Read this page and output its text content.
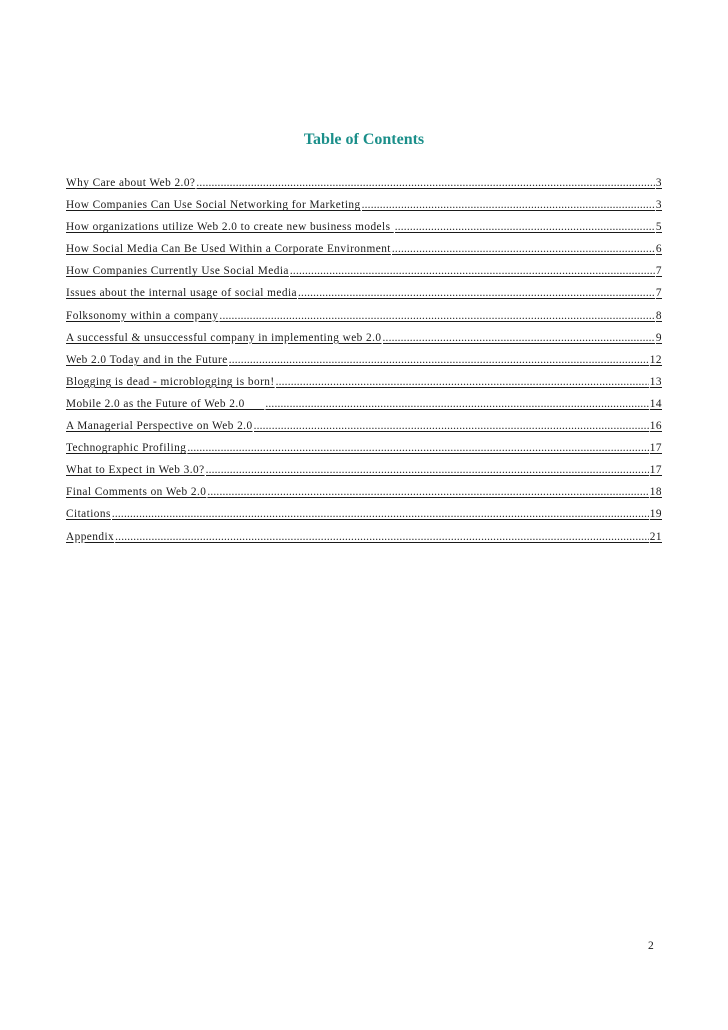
Table of Contents
Why Care about Web 2.0? .....	3
How Companies Can Use Social Networking for Marketing .....	3
How organizations utilize Web 2.0 to create new business models .....	5
How Social Media Can Be Used Within a Corporate Environment .....	6
How Companies Currently Use Social Media .....	7
Issues about the internal usage of social media .....	7
Folksonomy within a company .....	8
A successful & unsuccessful company in implementing web 2.0 .....	9
Web 2.0 Today and in the Future .....	12
Blogging is dead - microblogging is born! .....	13
Mobile 2.0 as the Future of Web 2.0 .....	14
A Managerial Perspective on Web 2.0 .....	16
Technographic Profiling .....	17
What to Expect in Web 3.0? .....	17
Final Comments on Web 2.0 .....	18
Citations .....	19
Appendix .....	21
2
